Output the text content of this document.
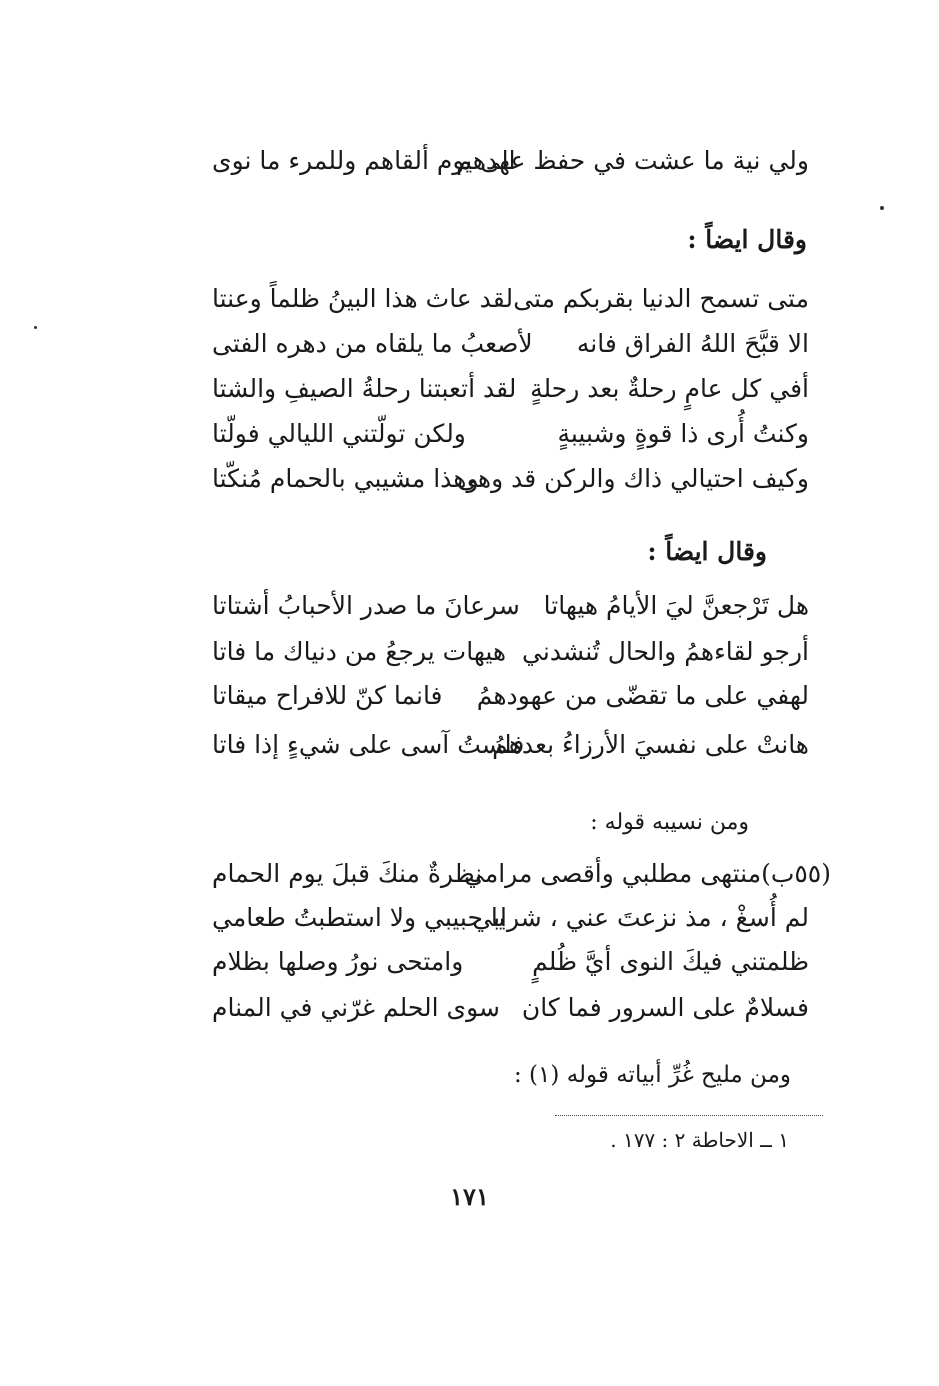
ولي نية ما عشت في حفظ عهدهم
الى يوم ألقاهم وللمرء ما نوى
وقال ايضاً :
متى تسمح الدنيا بقربكم متى
لقد عاث هذا البينُ ظلماً وعنتا
الا قبَّحَ اللهُ الفراق فانه
لأصعبُ ما يلقاه من دهره الفتى
أفي كل عامٍ رحلةٌ بعد رحلةٍ
لقد أتعبتنا رحلةُ الصيفِ والشتا
وكنتُ أُرى ذا قوةٍ وشبيبةٍ
ولكن تولّتني الليالي فولّتا
وكيف احتيالي ذاك والركن قد وهى
وهذا مشيبي بالحمام مُنكّتا
وقال ايضاً :
هل تَرْجعنَّ ليَ الأيامُ هيهاتا
سرعانَ ما صدر الأحبابُ أشتاتا
أرجو لقاءهمُ والحال تُنشدني
هيهات يرجعُ من دنياك ما فاتا
لهفي على ما تقضّى من عهودهمُ
فانما كنّ للافراح ميقاتا
هانتْ على نفسيَ الأرزاءُ بعدهمُ
فلستُ آسى على شيءٍ إذا فاتا
ومن نسيبه قوله :
(٥٥ب)منتهى مطلبي وأقصى مرامي
نظرةٌ منكَ قبلَ يوم الحمام
لم أُسغْ ، مذ نزعتَ عني ، شرابي
يا حبيبي ولا استطبتُ طعامي
ظلمتني فيكَ النوى أيَّ ظُلمٍ
وامتحى نورُ وصلها بظلام
فسلامٌ على السرور فما كان
سوى الحلم غرّني في المنام
ومن مليح غُرِّ أبياته قوله (١) :
١ ــ الاحاطة ٢ : ١٧٧ .
١٧١
